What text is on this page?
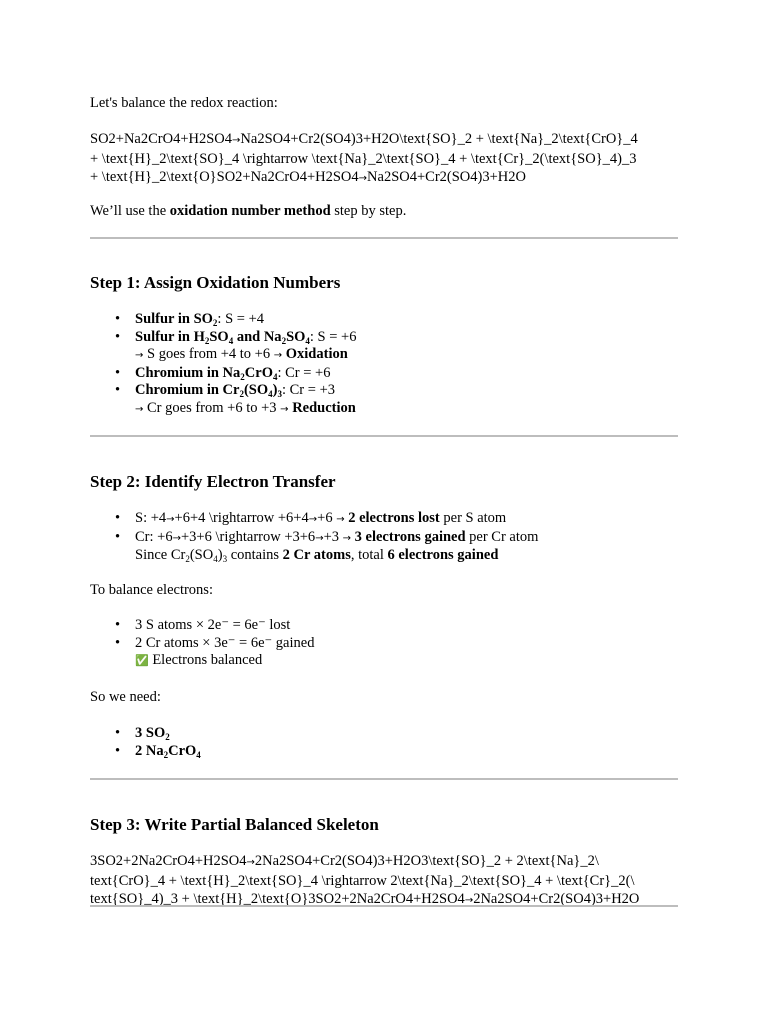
Let's balance the redox reaction:

SO2+Na2CrO4+H2SO4→Na2SO4+Cr2(SO4)3+H2O\text{SO}_2 + \text{Na}_2\text{CrO}_4
+ \text{H}_2\text{SO}_4 \rightarrow \text{Na}_2\text{SO}_4 + \text{Cr}_2(\text{SO}_4)_3
+ \text{H}_2\text{O}SO2+Na2CrO4+H2SO4→Na2SO4+Cr2(SO4)3+H2O

We’ll use the oxidation number method step by step.

Step 1: Assign Oxidation Numbers
• Sulfur in $SO_2$: S = +4
• Sulfur in $H_2SO_4$ and $Na_2SO_4$: S = +6
→ S goes from +4 to +6 → Oxidation
• Chromium in $Na_2CrO_4$: Cr = +6
• Chromium in $Cr_2(SO_4)_3$: Cr = +3
→ Cr goes from +6 to +3 → Reduction
Step 2: Identify Electron Transfer
• S: +4→+6+4 \rightarrow +6+4→+6 → 2 electrons lost per S atom
• Cr: +6→+3+6 \rightarrow +3+6→+3 → 3 electrons gained per Cr atom
Since $Cr_2(SO_4)_3$ contains 2 Cr atoms, total 6 electrons gained

To balance electrons:

• 3 S atoms × 2e⁻ = 6e⁻ lost
• 2 Cr atoms × 3e⁻ = 6e⁻ gained
✅ Electrons balanced

So we need:

• 3 $SO_2$
• 2 $Na_2CrO_4$
Step 3: Write Partial Balanced Skeleton
3SO2+2Na2CrO4+H2SO4→2Na2SO4+Cr2(SO4)3+H2O3\text{SO}_2 + 2\text{Na}_2\
text{CrO}_4 + \text{H}_2\text{SO}_4 \rightarrow 2\text{Na}_2\text{SO}_4 + \text{Cr}_2(\
text{SO}_4)_3 + \text{H}_2\text{O}3SO2+2Na2CrO4+H2SO4→2Na2SO4+Cr2(SO4)3+H2O
